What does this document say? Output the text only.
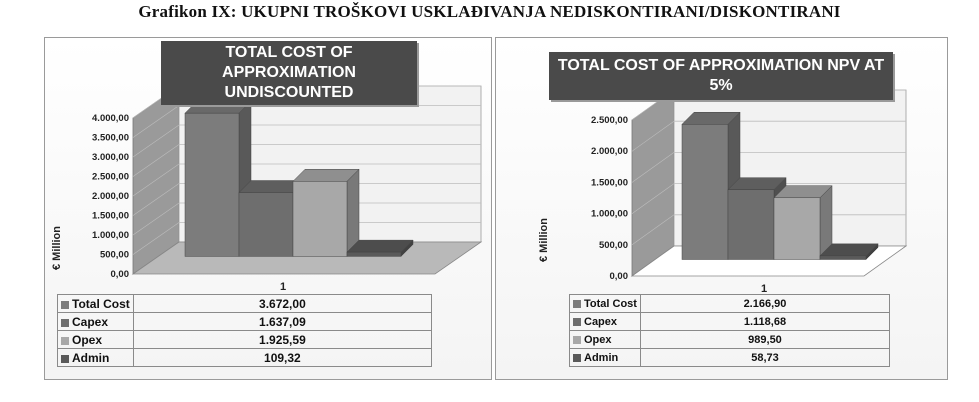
Grafikon IX: UKUPNI TROŠKOVI USKLAĐIVANJA NEDISKONTIRANI/DISKONTIRANI
0,00
500,00
1.000,00
1.500,00
2.000,00
2.500,00
3.000,00
3.500,00
4.000,00
1
TOTAL COST OF APPROXIMATION
UNDISCOUNTED
€ Million
Total Cost	3.672,00
Capex	1.637,09
Opex	1.925,59
Admin	109,32
0,00
500,00
1.000,00
1.500,00
2.000,00
2.500,00
1
TOTAL COST OF APPROXIMATION NPV AT 5%
€ Million
Total Cost	2.166,90
Capex	1.118,68
Opex	989,50
Admin	58,73
